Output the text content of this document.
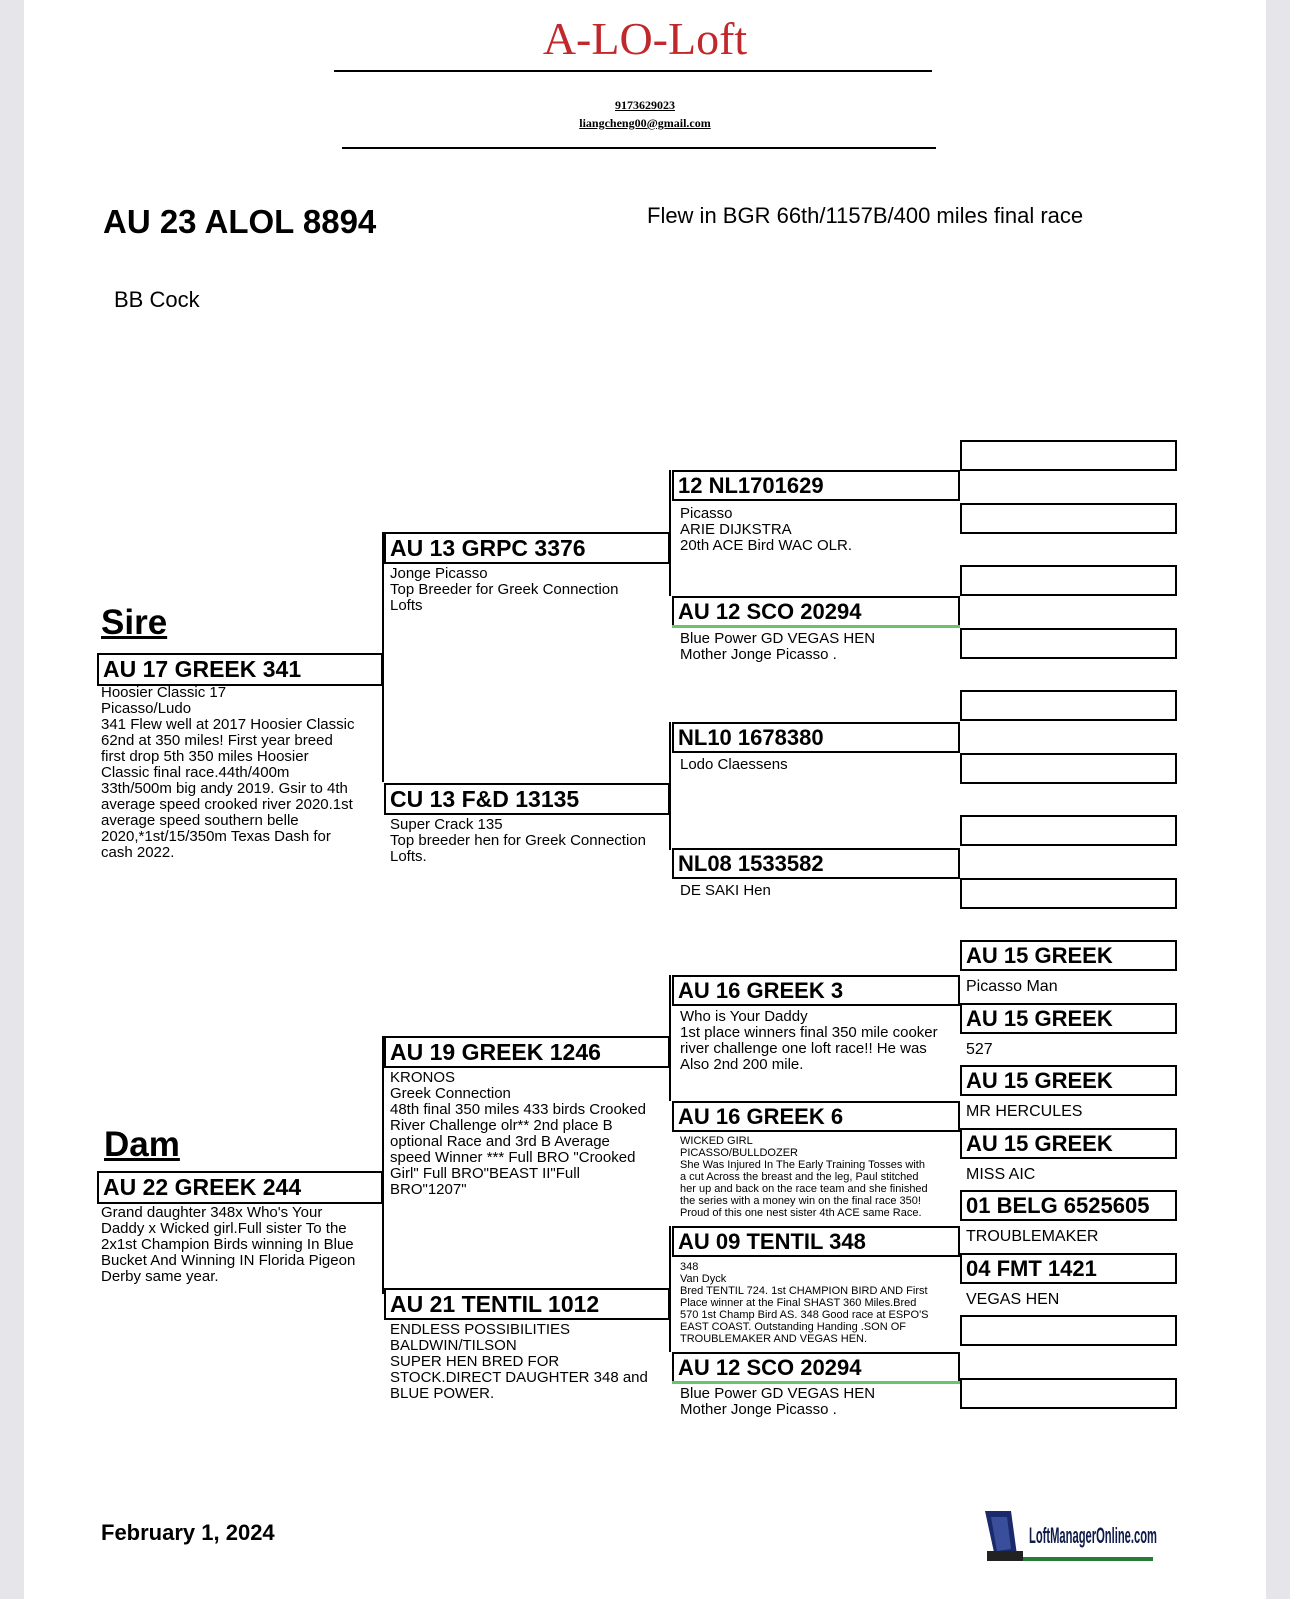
A-LO-Loft
9173629023
liangcheng00@gmail.com
AU 23 ALOL 8894	Flew in BGR 66th/1157B/400 miles final race
BB Cock
Sire
AU 17 GREEK 341
Hoosier Classic 17
Picasso/Ludo
341 Flew well at 2017 Hoosier Classic
62nd at 350 miles! First year breed
first drop 5th 350 miles Hoosier
Classic final race.44th/400m
33th/500m big andy 2019. Gsir to 4th
average speed crooked river 2020.1st
average speed southern belle
2020,*1st/15/350m Texas Dash for
cash 2022.
Dam
AU 22 GREEK 244
Grand daughter 348x Who's Your
Daddy x Wicked girl.Full sister To the
2x1st Champion Birds winning In Blue
Bucket And Winning IN Florida Pigeon
Derby same year.
AU 13 GRPC 3376
Jonge Picasso
Top Breeder for Greek Connection
Lofts
CU 13 F&D 13135
Super Crack 135
Top breeder hen for Greek Connection
Lofts.
AU 19 GREEK 1246
KRONOS
Greek Connection
48th final 350 miles 433 birds Crooked
River Challenge olr** 2nd place B
optional Race and 3rd B Average
speed Winner *** Full BRO "Crooked
Girl" Full BRO"BEAST II"Full
BRO"1207"
AU 21 TENTIL 1012
ENDLESS POSSIBILITIES
BALDWIN/TILSON
SUPER HEN BRED FOR
STOCK.DIRECT DAUGHTER 348 and
BLUE POWER.
12 NL1701629
Picasso
ARIE DIJKSTRA
20th ACE Bird WAC OLR.
AU 12 SCO 20294
Blue Power GD VEGAS HEN
Mother Jonge Picasso .
NL10 1678380
Lodo Claessens
NL08 1533582
DE SAKI Hen
AU 16 GREEK 3
Who is Your Daddy
1st place winners final 350 mile cooker
river challenge one loft race!! He was
Also 2nd 200 mile.
AU 16 GREEK 6
WICKED GIRL
PICASSO/BULLDOZER
She Was Injured In The Early Training Tosses with
a cut Across the breast and the leg, Paul stitched
her up and back on the race team and she finished
the series with a money win on the final race 350!
Proud of this one nest sister 4th ACE same Race.
AU 09 TENTIL 348
348
Van Dyck
Bred TENTIL 724. 1st CHAMPION BIRD AND First
Place winner at the Final SHAST 360 Miles.Bred
570 1st Champ Bird AS. 348 Good race at ESPO'S
EAST COAST. Outstanding Handing .SON OF
TROUBLEMAKER AND VEGAS HEN.
AU 12 SCO 20294
Blue Power GD VEGAS HEN
Mother Jonge Picasso .
AU 15 GREEK
Picasso Man
AU 15 GREEK
527
AU 15 GREEK
MR HERCULES
AU 15 GREEK
MISS AIC
01 BELG 6525605
TROUBLEMAKER
04 FMT 1421
VEGAS HEN
February 1, 2024	LoftManagerOnline.com
